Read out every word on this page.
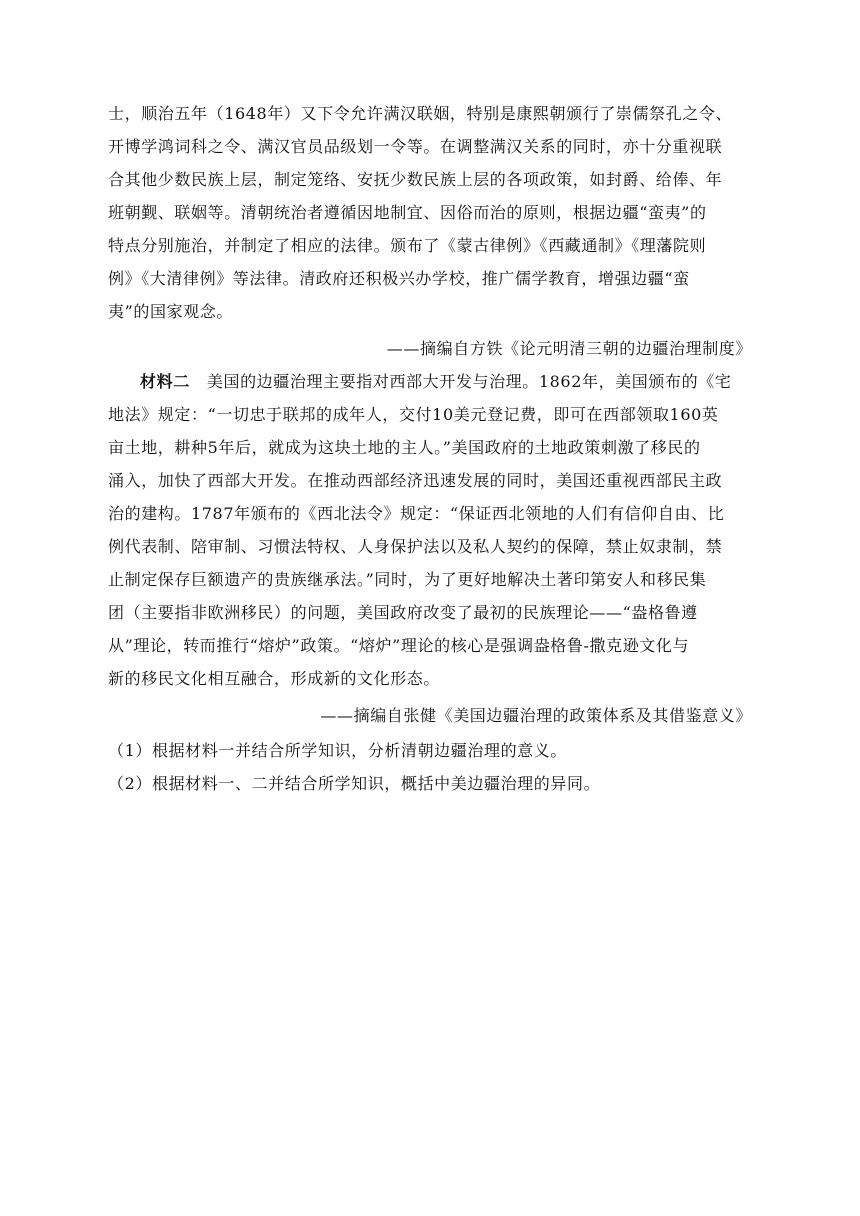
士，顺治五年（1648年）又下令允许满汉联姻，特别是康熙朝颁行了崇儒祭孔之令、
开博学鸿词科之令、满汉官员品级划一令等。在调整满汉关系的同时，亦十分重视联
合其他少数民族上层，制定笼络、安抚少数民族上层的各项政策，如封爵、给俸、年
班朝觐、联姻等。清朝统治者遵循因地制宜、因俗而治的原则，根据边疆“蛮夷”的
特点分别施治，并制定了相应的法律。颁布了《蒙古律例》《西藏通制》《理藩院则
例》《大清律例》等法律。清政府还积极兴办学校，推广儒学教育，增强边疆“蛮
夷”的国家观念。
——摘编自方铁《论元明清三朝的边疆治理制度》
材料二 美国的边疆治理主要指对西部大开发与治理。1862年，美国颁布的《宅
地法》规定：“一切忠于联邦的成年人，交付10美元登记费，即可在西部领取160英
亩土地，耕种5年后，就成为这块土地的主人。”美国政府的土地政策刺激了移民的
涌入，加快了西部大开发。在推动西部经济迅速发展的同时，美国还重视西部民主政
治的建构。1787年颁布的《西北法令》规定：“保证西北领地的人们有信仰自由、比
例代表制、陪审制、习惯法特权、人身保护法以及私人契约的保障，禁止奴隶制，禁
止制定保存巨额遗产的贵族继承法。”同时，为了更好地解决土著印第安人和移民集
团（主要指非欧洲移民）的问题，美国政府改变了最初的民族理论——“盎格鲁遵
从”理论，转而推行“熔炉”政策。“熔炉”理论的核心是强调盎格鲁-撒克逊文化与
新的移民文化相互融合，形成新的文化形态。
——摘编自张健《美国边疆治理的政策体系及其借鉴意义》
（1）根据材料一并结合所学知识，分析清朝边疆治理的意义。
（2）根据材料一、二并结合所学知识，概括中美边疆治理的异同。
